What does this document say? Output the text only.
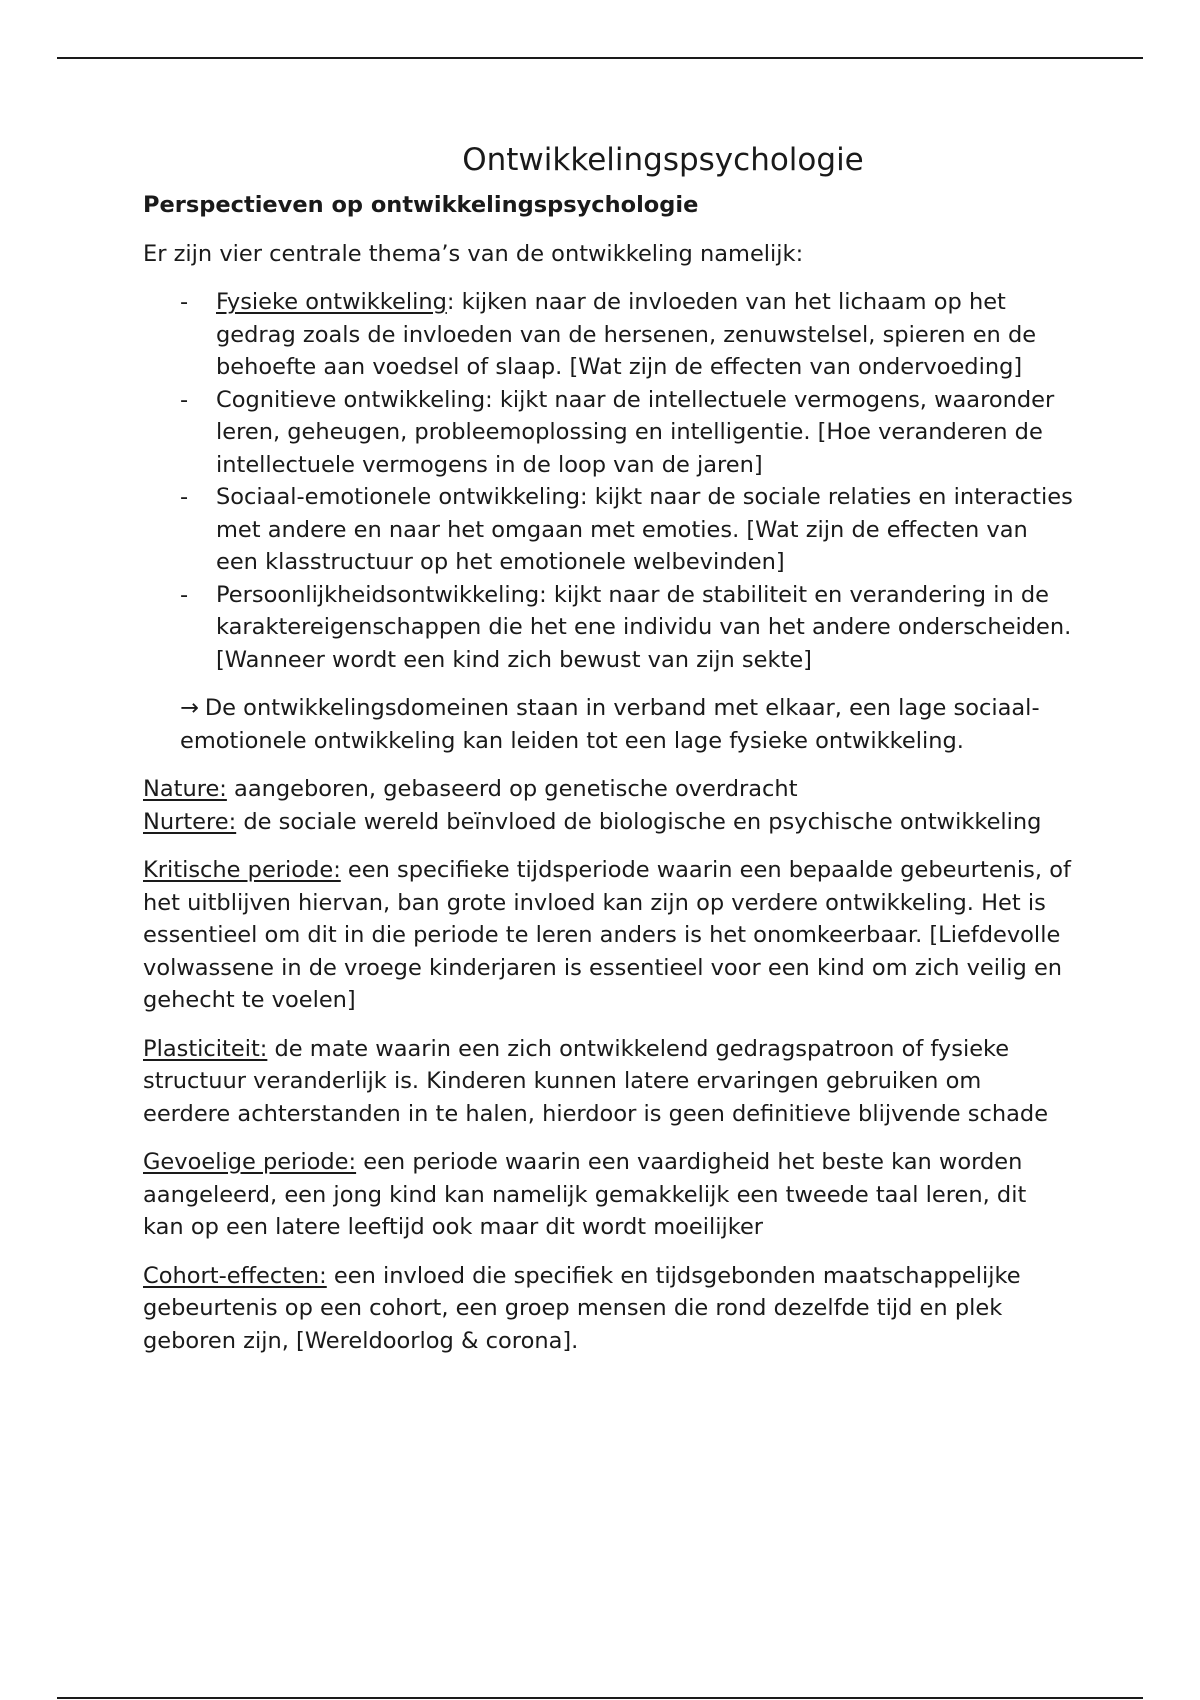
Ontwikkelingspsychologie
Perspectieven op ontwikkelingspsychologie

Er zijn vier centrale thema’s van de ontwikkeling namelijk:

- Fysieke ontwikkeling: kijken naar de invloeden van het lichaam op het gedrag zoals de invloeden van de hersenen, zenuwstelsel, spieren en de behoefte aan voedsel of slaap. [Wat zijn de effecten van ondervoeding]
- Cognitieve ontwikkeling: kijkt naar de intellectuele vermogens, waaronder leren, geheugen, probleemoplossing en intelligentie. [Hoe veranderen de intellectuele vermogens in de loop van de jaren]
- Sociaal-emotionele ontwikkeling: kijkt naar de sociale relaties en interacties met andere en naar het omgaan met emoties. [Wat zijn de effecten van een klasstructuur op het emotionele welbevinden]
- Persoonlijkheidsontwikkeling: kijkt naar de stabiliteit en verandering in de karaktereigenschappen die het ene individu van het andere onderscheiden. [Wanneer wordt een kind zich bewust van zijn sekte]

→ De ontwikkelingsdomeinen staan in verband met elkaar, een lage sociaal-emotionele ontwikkeling kan leiden tot een lage fysieke ontwikkeling.

Nature: aangeboren, gebaseerd op genetische overdracht

Nurtere: de sociale wereld beïnvloed de biologische en psychische ontwikkeling

Kritische periode: een specifieke tijdsperiode waarin een bepaalde gebeurtenis, of het uitblijven hiervan, ban grote invloed kan zijn op verdere ontwikkeling. Het is essentieel om dit in die periode te leren anders is het onomkeerbaar. [Liefdevolle volwassene in de vroege kinderjaren is essentieel voor een kind om zich veilig en gehecht te voelen]

Plasticiteit: de mate waarin een zich ontwikkelend gedragspatroon of fysieke structuur veranderlijk is. Kinderen kunnen latere ervaringen gebruiken om eerdere achterstanden in te halen, hierdoor is geen definitieve blijvende schade

Gevoelige periode: een periode waarin een vaardigheid het beste kan worden aangeleerd, een jong kind kan namelijk gemakkelijk een tweede taal leren, dit kan op een latere leeftijd ook maar dit wordt moeilijker

Cohort-effecten: een invloed die specifiek en tijdsgebonden maatschappelijke gebeurtenis op een cohort, een groep mensen die rond dezelfde tijd en plek geboren zijn, [Wereldoorlog & corona].
